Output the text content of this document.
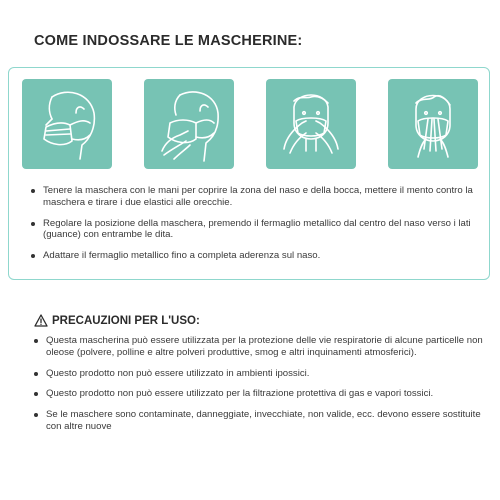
COME INDOSSARE LE MASCHERINE:
Tenere la maschera con le mani per coprire la zona del naso e della bocca, mettere il mento contro la maschera e tirare i due elastici alle orecchie.
Regolare la posizione della maschera, premendo il fermaglio metallico dal centro del naso verso i lati (guance) con entrambe le dita.
Adattare il fermaglio metallico fino a completa aderenza sul naso.
PRECAUZIONI PER L'USO:
Questa mascherina può essere utilizzata per la protezione delle vie respiratorie di alcune particelle non oleose (polvere, polline e altre polveri produttive, smog e altri inquinamenti atmosferici).
Questo prodotto non può essere utilizzato in ambienti ipossici.
Questo prodotto non può essere utilizzato per la filtrazione protettiva di gas e vapori tossici.
Se le maschere sono contaminate, danneggiate, invecchiate, non valide, ecc. devono essere sostituite con altre nuove
